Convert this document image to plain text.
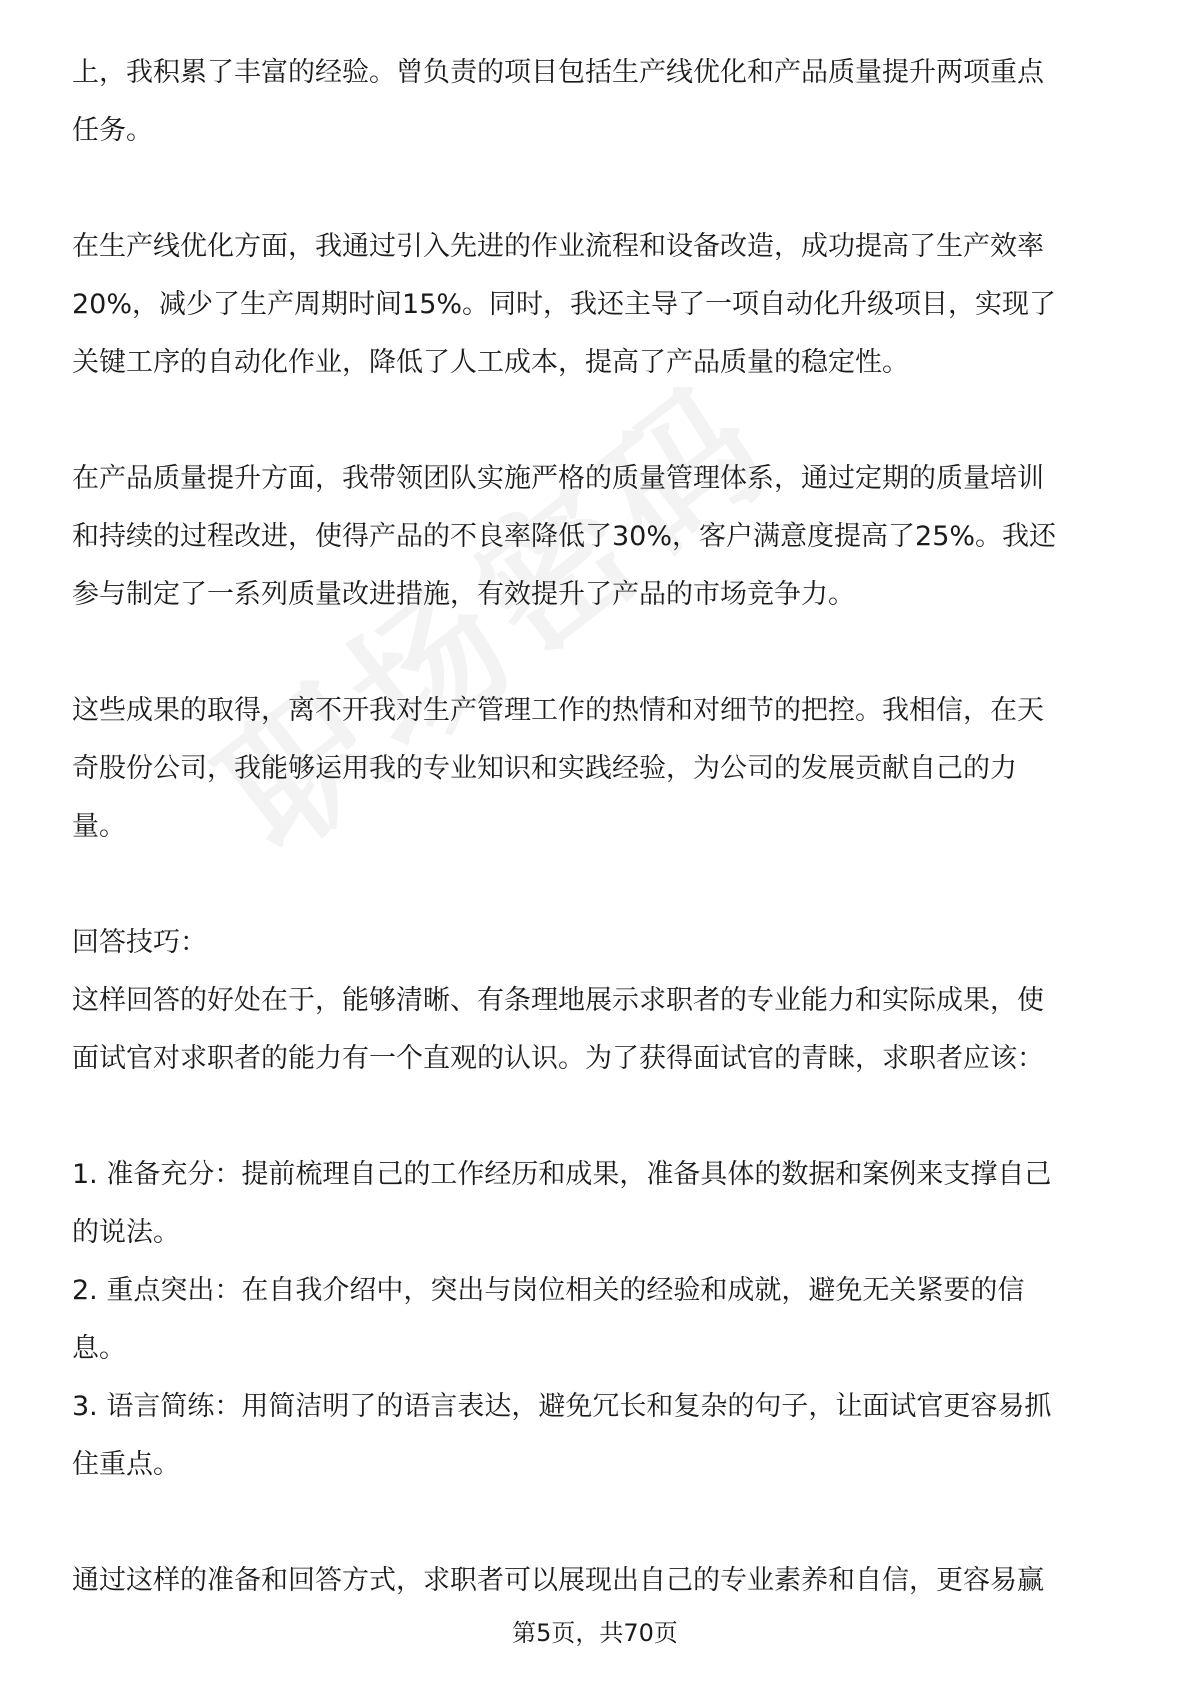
上，我积累了丰富的经验。曾负责的项目包括生产线优化和产品质量提升两项重点
任务。
在生产线优化方面，我通过引入先进的作业流程和设备改造，成功提高了生产效率
20%，减少了生产周期时间15%。同时，我还主导了一项自动化升级项目，实现了
关键工序的自动化作业，降低了人工成本，提高了产品质量的稳定性。
在产品质量提升方面，我带领团队实施严格的质量管理体系，通过定期的质量培训
和持续的过程改进，使得产品的不良率降低了30%，客户满意度提高了25%。我还
参与制定了一系列质量改进措施，有效提升了产品的市场竞争力。
这些成果的取得，离不开我对生产管理工作的热情和对细节的把控。我相信，在天
奇股份公司，我能够运用我的专业知识和实践经验，为公司的发展贡献自己的力
量。
回答技巧：
这样回答的好处在于，能够清晰、有条理地展示求职者的专业能力和实际成果，使
面试官对求职者的能力有一个直观的认识。为了获得面试官的青睐，求职者应该：
1. 准备充分：提前梳理自己的工作经历和成果，准备具体的数据和案例来支撑自己
的说法。
2. 重点突出：在自我介绍中，突出与岗位相关的经验和成就，避免无关紧要的信
息。
3. 语言简练：用简洁明了的语言表达，避免冗长和复杂的句子，让面试官更容易抓
住重点。
通过这样的准备和回答方式，求职者可以展现出自己的专业素养和自信，更容易赢
第5页，共70页
